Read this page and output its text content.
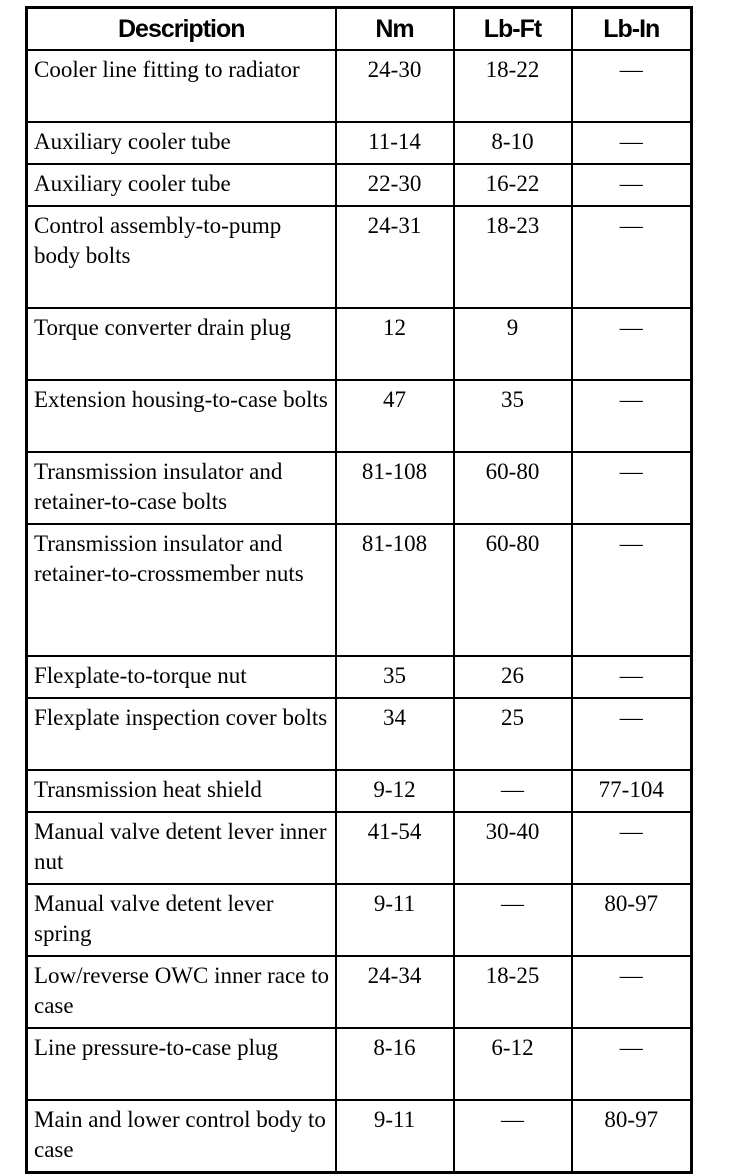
Description	Nm	Lb-Ft	Lb-In
Cooler line fitting to radiator	24-30	18-22	—
Auxiliary cooler tube	11-14	8-10	—
Auxiliary cooler tube	22-30	16-22	—
Control assembly-to-pump body bolts	24-31	18-23	—
Torque converter drain plug	12	9	—
Extension housing-to-case bolts	47	35	—
Transmission insulator and retainer-to-case bolts	81-108	60-80	—
Transmission insulator and retainer-to-crossmember nuts	81-108	60-80	—
Flexplate-to-torque nut	35	26	—
Flexplate inspection cover bolts	34	25	—
Transmission heat shield	9-12	—	77-104
Manual valve detent lever inner nut	41-54	30-40	—
Manual valve detent lever spring	9-11	—	80-97
Low/reverse OWC inner race to case	24-34	18-25	—
Line pressure-to-case plug	8-16	6-12	—
Main and lower control body to case	9-11	—	80-97
